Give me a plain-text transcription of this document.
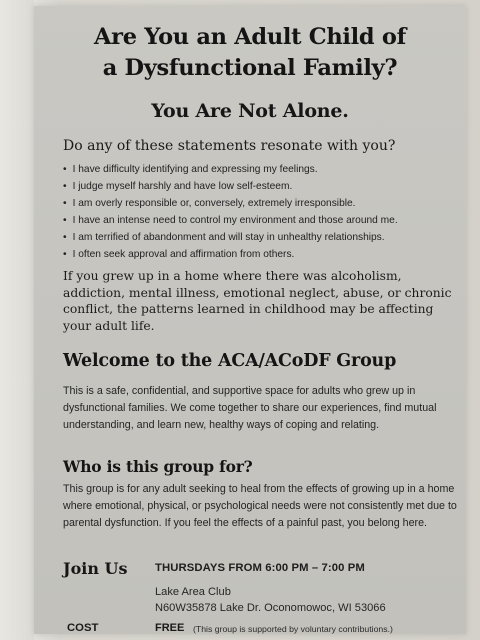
Are You an Adult Child of
a Dysfunctional Family?
You Are Not Alone.
Do any of these statements resonate with you?
• I have difficulty identifying and expressing my feelings.
• I judge myself harshly and have low self-esteem.
• I am overly responsible or, conversely, extremely irresponsible.
• I have an intense need to control my environment and those around me.
• I am terrified of abandonment and will stay in unhealthy relationships.
• I often seek approval and affirmation from others.
If you grew up in a home where there was alcoholism, addiction, mental illness, emotional neglect, abuse, or chronic conflict, the patterns learned in childhood may be affecting your adult life.
Welcome to the ACA/ACoDF Group
This is a safe, confidential, and supportive space for adults who grew up in dysfunctional families. We come together to share our experiences, find mutual understanding, and learn new, healthy ways of coping and relating.
Who is this group for?
This group is for any adult seeking to heal from the effects of growing up in a home where emotional, physical, or psychological needs were not consistently met due to parental dysfunction. If you feel the effects of a painful past, you belong here.
Join Us THURSDAYS FROM 6:00 PM – 7:00 PM
Lake Area Club
N60W35878 Lake Dr. Oconomowoc, WI 53066
COST	FREE (This group is supported by voluntary contributions.)
